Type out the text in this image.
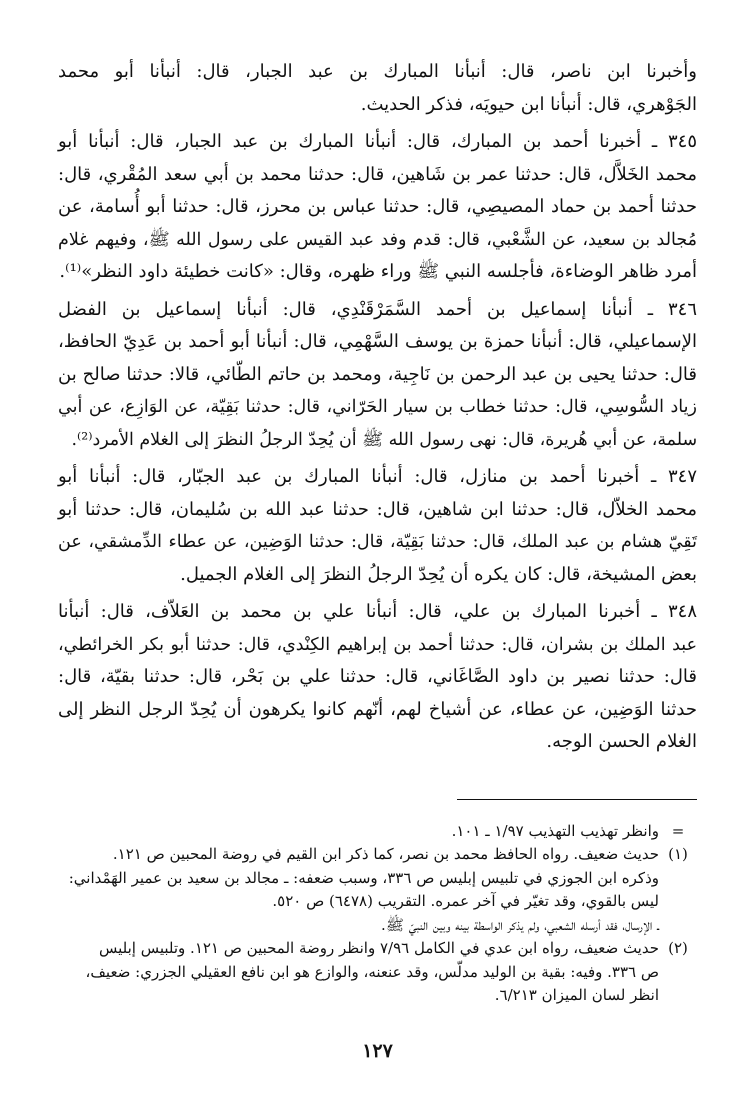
وأخبرنا ابن ناصر، قال: أنبأنا المبارك بن عبد الجبار، قال: أنبأنا أبو محمد
الجَوْهري، قال: أنبأنا ابن حيويَه، فذكر الحديث.

٣٤٥ ـ أخبرنا أحمد بن المبارك، قال: أنبأنا المبارك بن عبد الجبار، قال: أنبأنا أبو
محمد الخَلاَّل، قال: حدثنا عمر بن شَاهين، قال: حدثنا محمد بن أبي سعد المُقْري، قال:
حدثنا أحمد بن حماد المصيصِي، قال: حدثنا عباس بن محرز، قال: حدثنا أبو أُسامة، عن
مُجالد بن سعيد، عن الشَّعْبي، قال: قدم وفد عبد القيس على رسول الله ﷺ، وفيهم غلام
أمرد ظاهر الوضاءة، فأجلسه النبي ﷺ وراء ظهره، وقال: «كانت خطيئة داود النظر»⁽¹⁾.

٣٤٦ ـ أنبأنا إسماعيل بن أحمد السَّمَرْقَنْدِي، قال: أنبأنا إسماعيل بن الفضل
الإسماعيلي، قال: أنبأنا حمزة بن يوسف السَّهْمِي، قال: أنبأنا أبو أحمد بن عَدِيّ الحافظ،
قال: حدثنا يحيى بن عبد الرحمن بن نَاجِية، ومحمد بن حاتم الطّائي، قالا: حدثنا صالح بن
زياد السُّوسِي، قال: حدثنا خطاب بن سيار الحَرّاني، قال: حدثنا بَقِيّة، عن الوَازِع، عن أبي
سلمة، عن أبي هُريرة، قال: نهى رسول الله ﷺ أن يُحِدّ الرجلُ النظرَ إلى الغلام الأمرد⁽²⁾.

٣٤٧ ـ أخبرنا أحمد بن منازل، قال: أنبأنا المبارك بن عبد الجبّار، قال: أنبأنا أبو
محمد الخلاّل، قال: حدثنا ابن شاهين، قال: حدثنا عبد الله بن سُليمان، قال: حدثنا أبو
تَقِيّ هشام بن عبد الملك، قال: حدثنا بَقِيّة، قال: حدثنا الوَضِين، عن عطاء الدِّمشقي، عن
بعض المشيخة، قال: كان يكره أن يُحِدّ الرجلُ النظرَ إلى الغلام الجميل.

٣٤٨ ـ أخبرنا المبارك بن علي، قال: أنبأنا علي بن محمد بن العَلاّف، قال: أنبأنا
عبد الملك بن بشران، قال: حدثنا أحمد بن إبراهيم الكِنْدي، قال: حدثنا أبو بكر الخرائطي،
قال: حدثنا نصير بن داود الصَّاغَاني، قال: حدثنا علي بن بَحْر، قال: حدثنا بقيّة، قال:
حدثنا الوَضِين، عن عطاء، عن أشياخ لهم، أنّهم كانوا يكرهون أن يُحِدّ الرجل النظر إلى
الغلام الحسن الوجه.

=
وانظر تهذيب التهذيب ١/٩٧ ـ ١٠١.
(١)
حديث ضعيف. رواه الحافظ محمد بن نصر، كما ذكر ابن القيم في روضة المحبين ص ١٢١.
وذكره ابن الجوزي في تلبيس إبليس ص ٣٣٦، وسبب ضعفه: ـ مجالد بن سعيد بن عمير الهَمْداني:
ليس بالقوي، وقد تغيّر في آخر عمره. التقريب (٦٤٧٨) ص ٥٢٠.
ـ الإرسال، فقد أرسله الشعبي، ولم يذكر الواسطة بينه وبين النبيّ ﷺ.
(٢)
حديث ضعيف، رواه ابن عدي في الكامل ٧/٩٦ وانظر روضة المحبين ص ١٢١. وتلبيس إبليس
ص ٣٣٦. وفيه: بقية بن الوليد مدلّس، وقد عنعنه، والوازع هو ابن نافع العقيلي الجزري: ضعيف،
انظر لسان الميزان ٦/٢١٣.
١٢٧
